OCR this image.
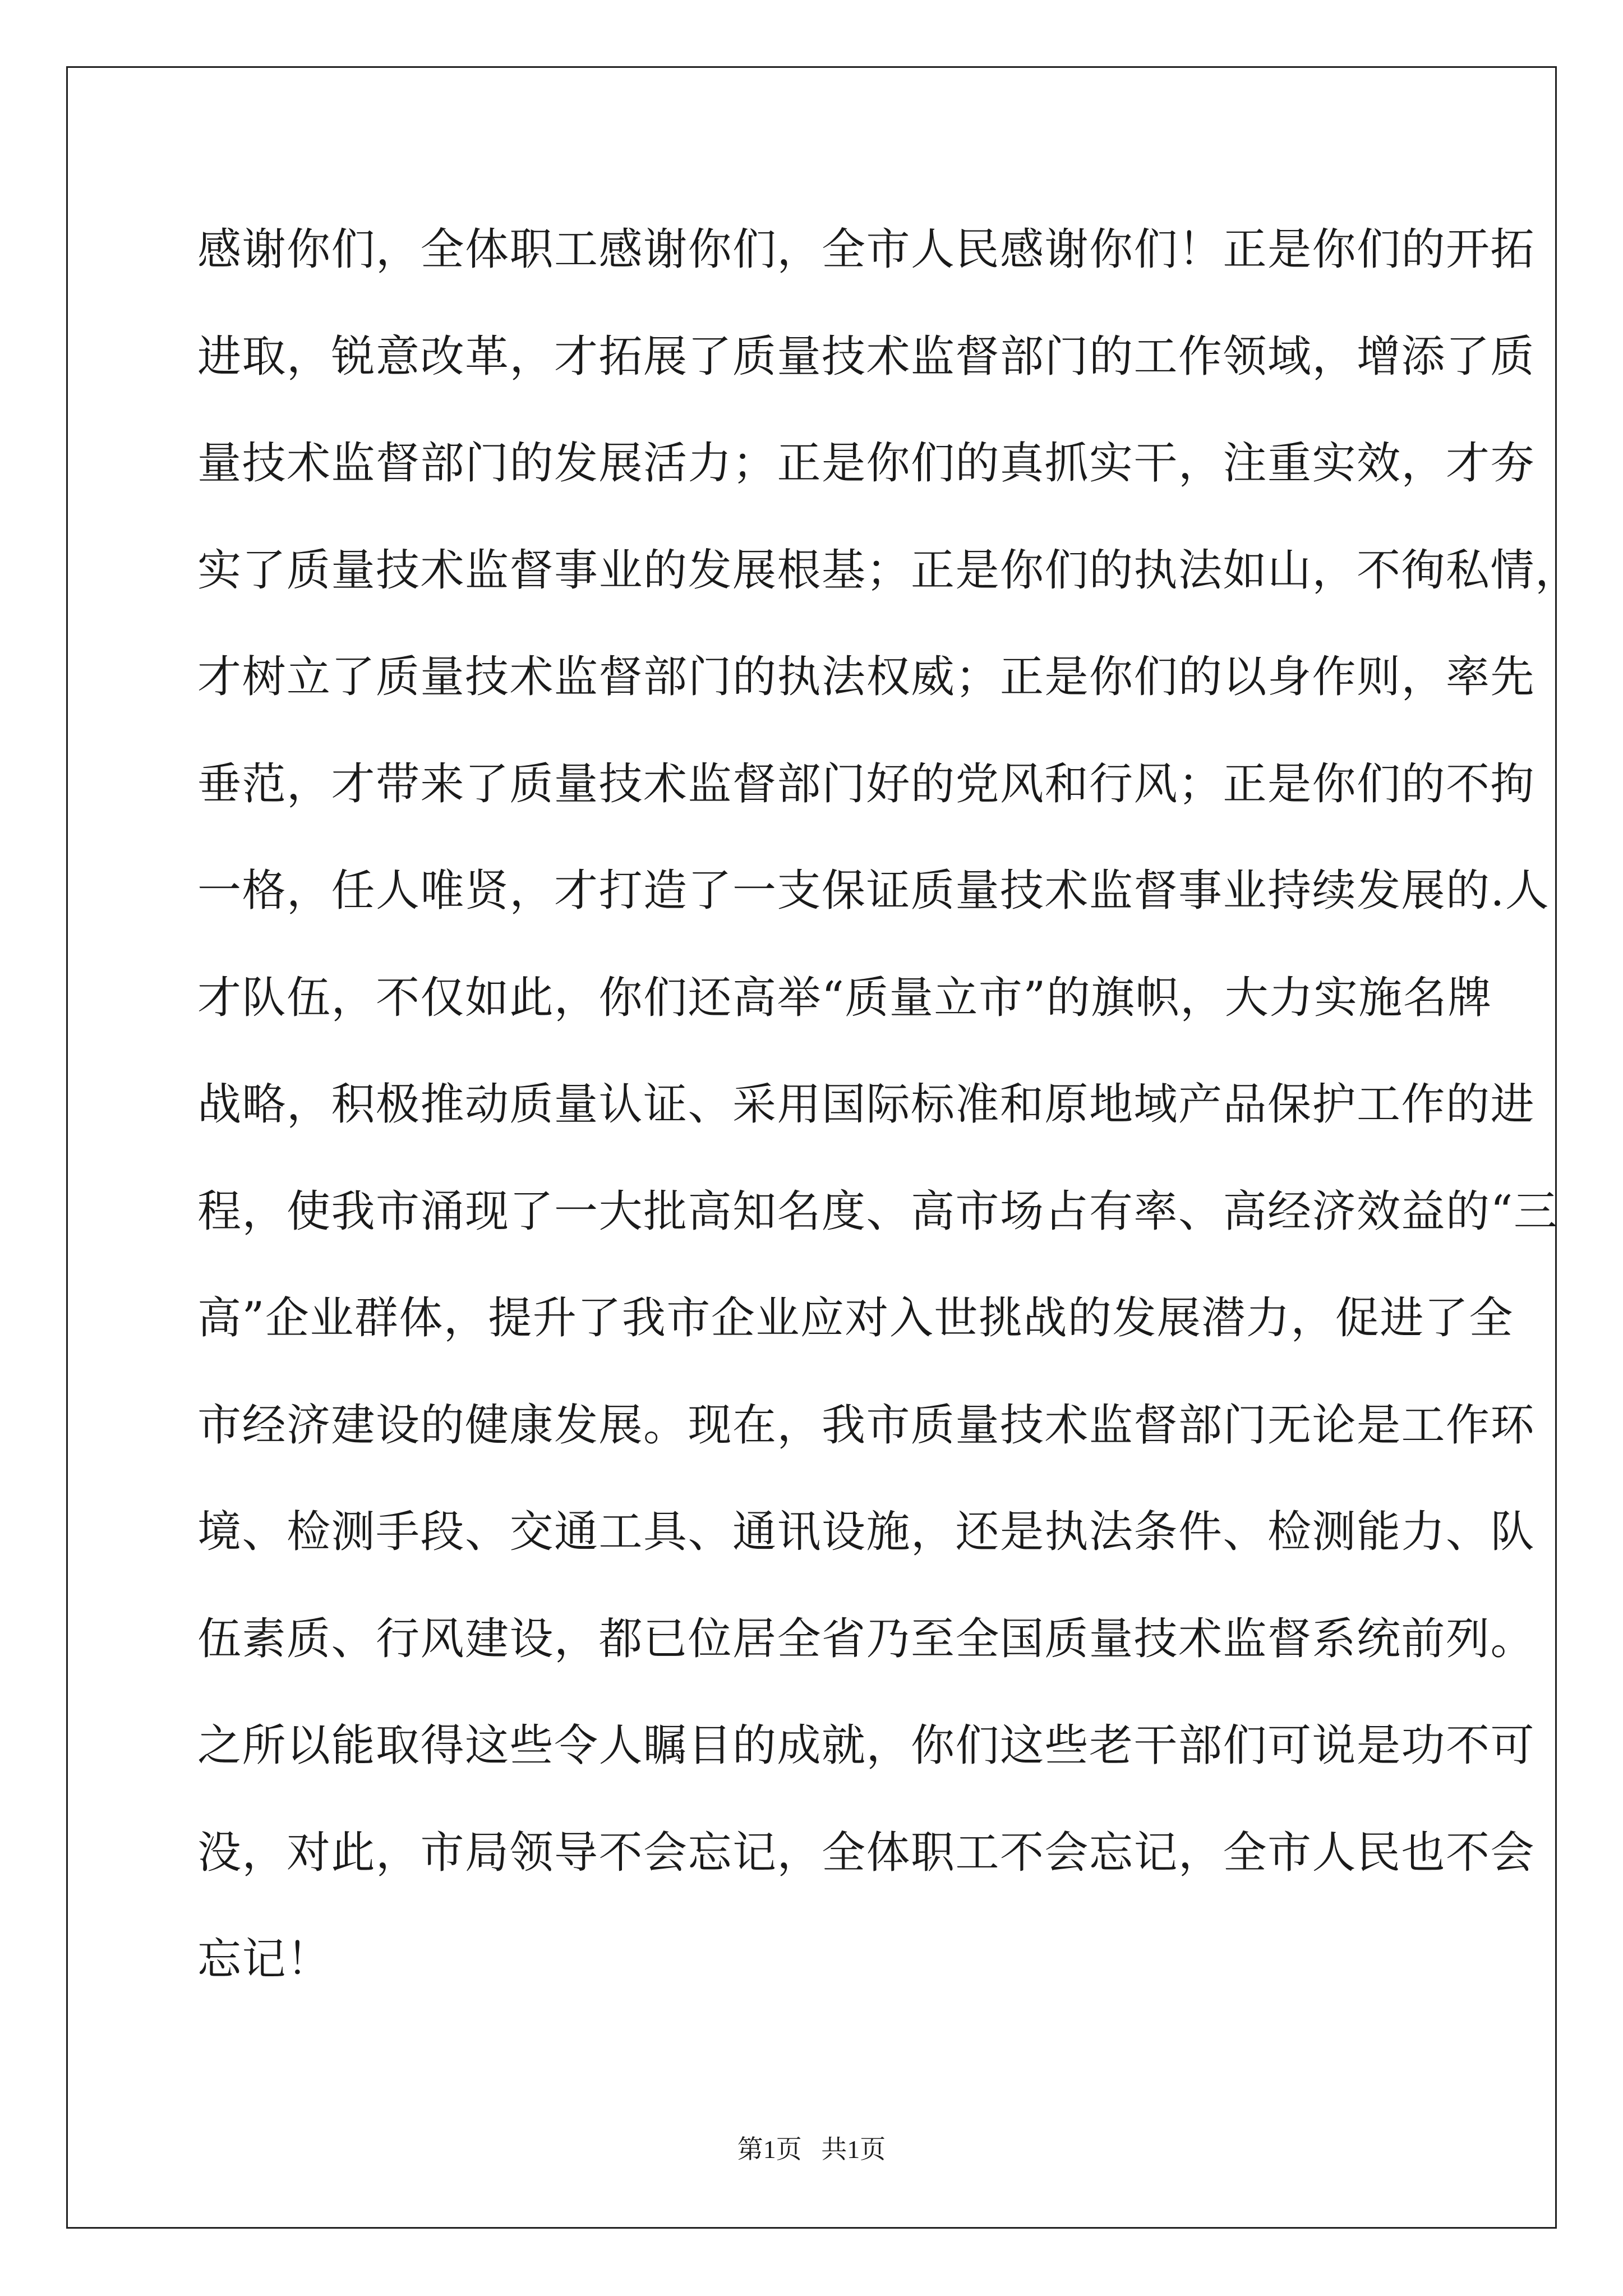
感谢你们，全体职工感谢你们，全市人民感谢你们！正是你们的开拓
进取，锐意改革，才拓展了质量技术监督部门的工作领域，增添了质
量技术监督部门的发展活力；正是你们的真抓实干，注重实效，才夯
实了质量技术监督事业的发展根基；正是你们的执法如山，不徇私情，
才树立了质量技术监督部门的执法权威；正是你们的以身作则，率先
垂范，才带来了质量技术监督部门好的党风和行风；正是你们的不拘
一格，任人唯贤，才打造了一支保证质量技术监督事业持续发展的.人
才队伍，不仅如此，你们还高举“质量立市”的旗帜，大力实施名牌
战略，积极推动质量认证、采用国际标准和原地域产品保护工作的进
程，使我市涌现了一大批高知名度、高市场占有率、高经济效益的“三
高”企业群体，提升了我市企业应对入世挑战的发展潜力，促进了全
市经济建设的健康发展。现在，我市质量技术监督部门无论是工作环
境、检测手段、交通工具、通讯设施，还是执法条件、检测能力、队
伍素质、行风建设，都已位居全省乃至全国质量技术监督系统前列。
之所以能取得这些令人瞩目的成就，你们这些老干部们可说是功不可
没，对此，市局领导不会忘记，全体职工不会忘记，全市人民也不会
忘记！
第1页   共1页
